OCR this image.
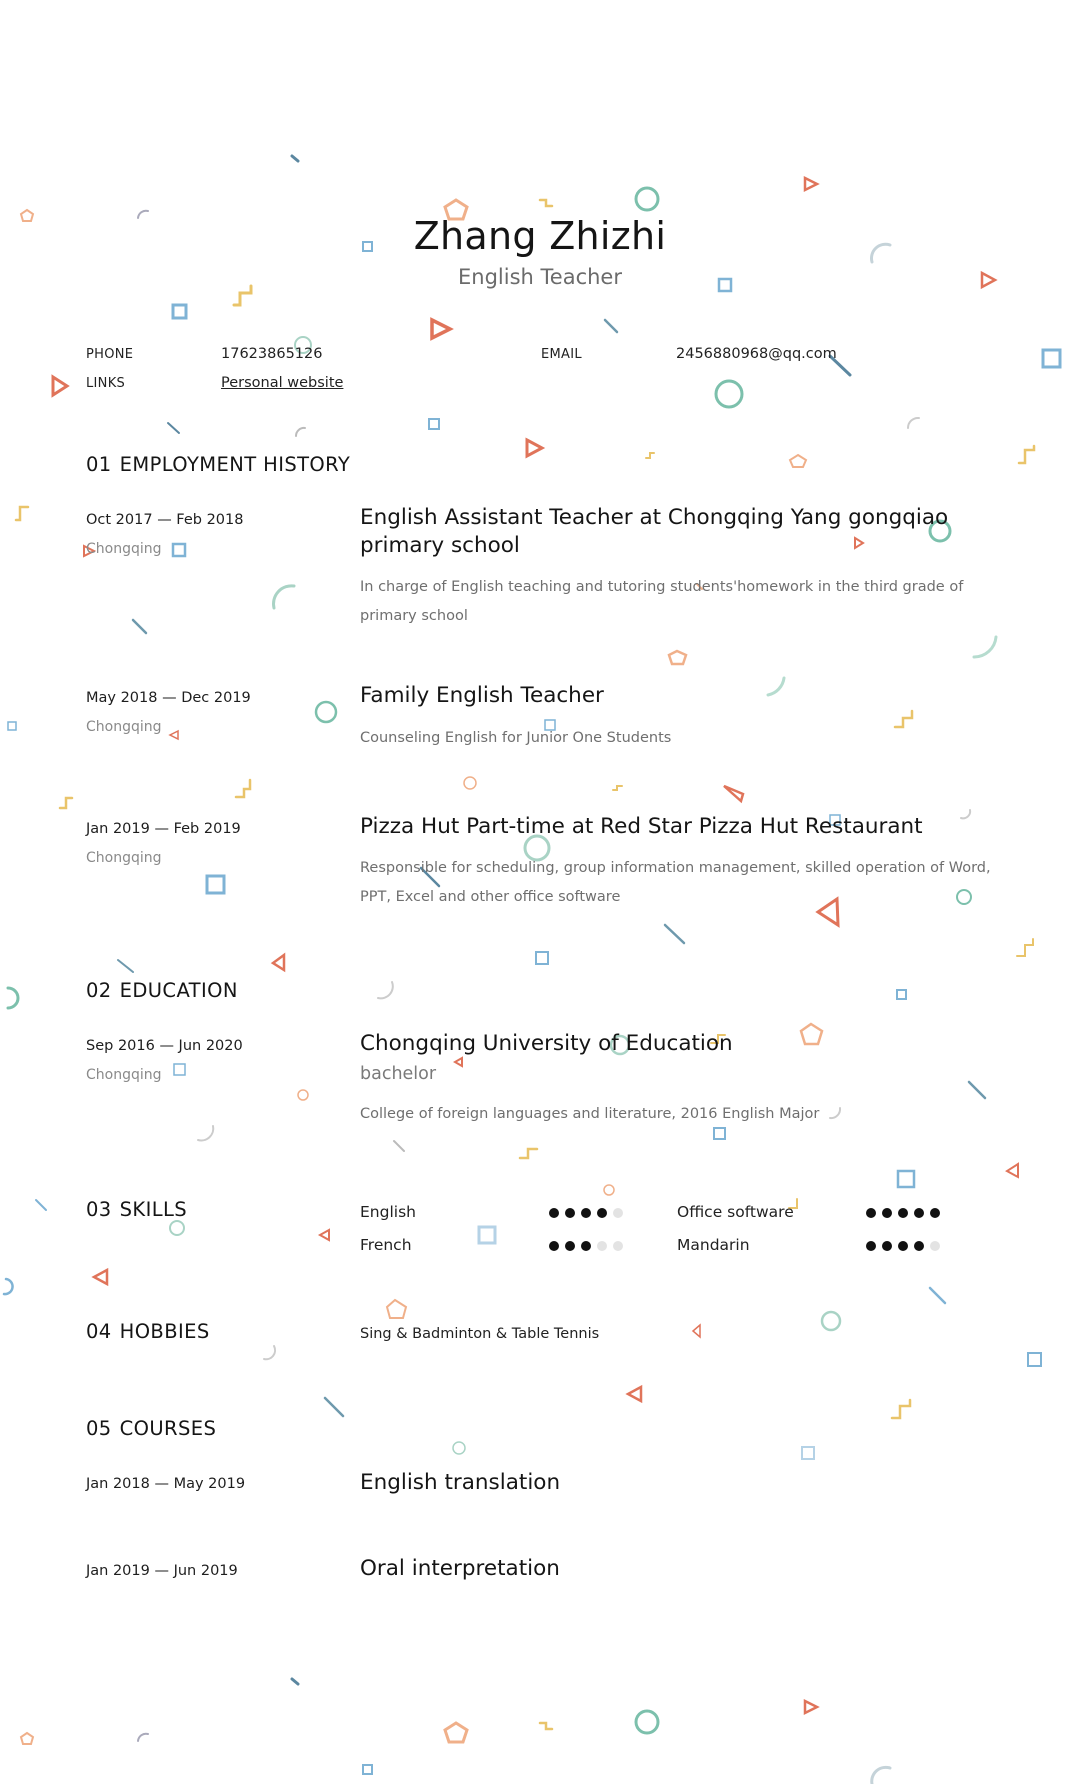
Zhang Zhizhi
English Teacher
PHONE	17623865126	EMAIL	2456880968@qq.com
LINKS	Personal website
01 EMPLOYMENT HISTORY
Oct 2017 — Feb 2018
Chongqing
English Assistant Teacher at Chongqing Yang gongqiao primary school
In charge of English teaching and tutoring students'homework in the third grade of primary school
May 2018 — Dec 2019
Chongqing
Family English Teacher
Counseling English for Junior One Students
Jan 2019 — Feb 2019
Chongqing
Pizza Hut Part-time at Red Star Pizza Hut Restaurant
Responsible for scheduling, group information management, skilled operation of Word, PPT, Excel and other office software
02 EDUCATION
Sep 2016 — Jun 2020
Chongqing
Chongqing University of Education
bachelor
College of foreign languages and literature, 2016 English Major
03 SKILLS	English	Office software
French	Mandarin
04 HOBBIES	Sing & Badminton & Table Tennis
05 COURSES
Jan 2018 — May 2019	English translation
Jan 2019 — Jun 2019	Oral interpretation
